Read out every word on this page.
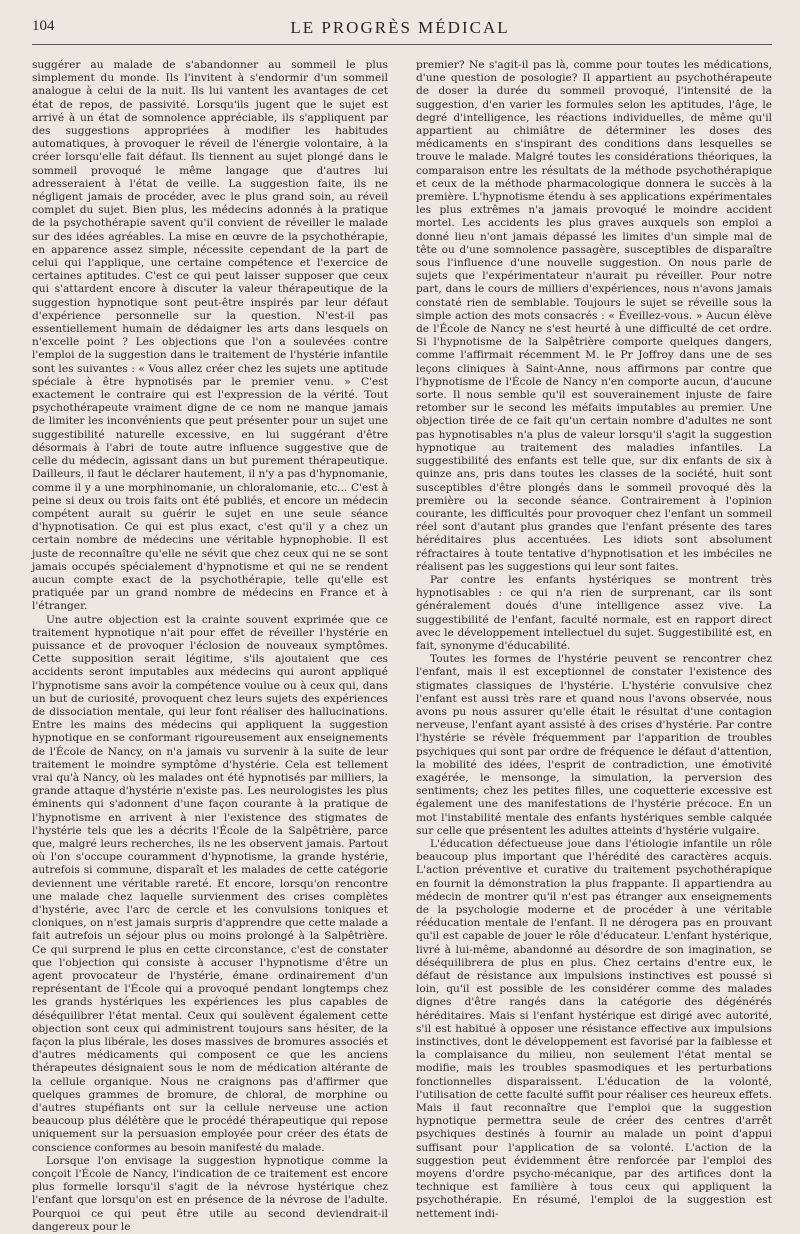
104	LE PROGRÈS MÉDICAL

suggérer au malade de s'abandonner au sommeil le plus simplement du monde. Ils l'invitent à s'endormir d'un sommeil analogue à celui de la nuit. Ils lui vantent les avantages de cet état de repos, de passivité. Lorsqu'ils jugent que le sujet est arrivé à un état de somnolence appréciable, ils s'appliquent par des suggestions appropriées à modifier les habitudes automatiques, à provoquer le réveil de l'énergie volontaire, à la créer lorsqu'elle fait défaut. Ils tiennent au sujet plongé dans le sommeil provoqué le même langage que d'autres lui adresseraient à l'état de veille. La suggestion faite, ils ne négligent jamais de procéder, avec le plus grand soin, au réveil complet du sujet. Bien plus, les médecins adonnés à la pratique de la psychothérapie savent qu'il convient de réveiller le malade sur des idées agréables. La mise en œuvre de la psychothérapie, en apparence assez simple, nécessite cependant de la part de celui qui l'applique, une certaine compétence et l'exercice de certaines aptitudes. C'est ce qui peut laisser supposer que ceux qui s'attardent encore à discuter la valeur thérapeutique de la suggestion hypnotique sont peut-être inspirés par leur défaut d'expérience personnelle sur la question. N'est-il pas essentiellement humain de dédaigner les arts dans lesquels on n'excelle point ? Les objections que l'on a soulevées contre l'emploi de la suggestion dans le traitement de l'hystérie infantile sont les suivantes : « Vous allez créer chez les sujets une aptitude spéciale à être hypnotisés par le premier venu. » C'est exactement le contraire qui est l'expression de la vérité. Tout psychothérapeute vraiment digne de ce nom ne manque jamais de limiter les inconvénients que peut présenter pour un sujet une suggestibilité naturelle excessive, en lui suggérant d'être désormais à l'abri de toute autre influence suggestive que de celle du médecin, agissant dans un but purement thérapeutique. Dailleurs, il faut le déclarer hautement, il n'y a pas d'hypnomanie, comme il y a une morphinomanie, un chloralomanie, etc... C'est à peine si deux ou trois faits ont été publiés, et encore un médecin compétent aurait su guérir le sujet en une seule séance d'hypnotisation. Ce qui est plus exact, c'est qu'il y a chez un certain nombre de médecins une véritable hypnophobie. Il est juste de reconnaître qu'elle ne sévit que chez ceux qui ne se sont jamais occupés spécialement d'hypnotisme et qui ne se rendent aucun compte exact de la psychothérapie, telle qu'elle est pratiquée par un grand nombre de médecins en France et à l'étranger.

Une autre objection est la crainte souvent exprimée que ce traitement hypnotique n'ait pour effet de réveiller l'hystérie en puissance et de provoquer l'éclosion de nouveaux symptômes. Cette supposition serait légitime, s'ils ajoutaient que ces accidents seront imputables aux médecins qui auront appliqué l'hypnotisme sans avoir la compétence voulue ou à ceux qui, dans un but de curiosité, provoquent chez leurs sujets des expériences de dissociation mentale, qui leur font réaliser des hallucinations. Entre les mains des médecins qui appliquent la suggestion hypnotique en se conformant rigoureusement aux enseignements de l'École de Nancy, on n'a jamais vu survenir à la suite de leur traitement le moindre symptôme d'hystérie. Cela est tellement vrai qu'à Nancy, où les malades ont été hypnotisés par milliers, la grande attaque d'hystérie n'existe pas. Les neurologistes les plus éminents qui s'adonnent d'une façon courante à la pratique de l'hypnotisme en arrivent à nier l'existence des stigmates de l'hystérie tels que les a décrits l'École de la Salpêtrière, parce que, malgré leurs recherches, ils ne les observent jamais. Partout où l'on s'occupe couramment d'hypnotisme, la grande hystérie, autrefois si commune, disparaît et les malades de cette catégorie deviennent une véritable rareté. Et encore, lorsqu'on rencontre une malade chez laquelle survienment des crises complètes d'hystérie, avec l'arc de cercle et les convulsions toniques et cloniques, on n'est jamais surpris d'apprendre que cette malade a fait autrefois un séjour plus ou moins prolongé à la Salpêtrière. Ce qui surprend le plus en cette circonstance, c'est de constater que l'objection qui consiste à accuser l'hypnotisme d'être un agent provocateur de l'hystérie, émane ordinairement d'un représentant de l'École qui a provoqué pendant longtemps chez les grands hystériques les expériences les plus capables de déséquilibrer l'état mental. Ceux qui soulèvent également cette objection sont ceux qui administrent toujours sans hésiter, de la façon la plus libérale, les doses massives de bromures associés et d'autres médicaments qui composent ce que les anciens thérapeutes désignaient sous le nom de médication altérante de la cellule organique. Nous ne craignons pas d'affirmer que quelques grammes de bromure, de chloral, de morphine ou d'autres stupéfiants ont sur la cellule nerveuse une action beaucoup plus délétère que le procédé thérapeutique qui repose uniquement sur la persuasion employée pour créer des états de conscience conformes au besoin manifesté du malade.

Lorsque l'on envisage la suggestion hypnotique comme la conçoit l'École de Nancy, l'indication de ce traitement est encore plus formelle lorsqu'il s'agit de la névrose hystérique chez l'enfant que lorsqu'on est en présence de la névrose de l'adulte. Pourquoi ce qui peut être utile au second deviendrait-il dangereux pour le

premier? Ne s'agit-il pas là, comme pour toutes les médications, d'une question de posologie? Il appartient au psychothérapeute de doser la durée du sommeil provoqué, l'intensité de la suggestion, d'en varier les formules selon les aptitudes, l'âge, le degré d'intelligence, les réactions individuelles, de même qu'il appartient au chimiâtre de déterminer les doses des médicaments en s'inspirant des conditions dans lesquelles se trouve le malade. Malgré toutes les considérations théoriques, la comparaison entre les résultats de la méthode psychothérapique et ceux de la méthode pharmacologique donnera le succès à la première. L'hypnotisme étendu à ses applications expérimentales les plus extrêmes n'a jamais provoqué le moindre accident mortel. Les accidents les plus graves auxquels son emploi a donné lieu n'ont jamais dépassé les limites d'un simple mal de tête ou d'une somnolence passagère, susceptibles de disparaître sous l'influence d'une nouvelle suggestion. On nous parle de sujets que l'expérimentateur n'aurait pu réveiller. Pour notre part, dans le cours de milliers d'expériences, nous n'avons jamais constaté rien de semblable. Toujours le sujet se réveille sous la simple action des mots consacrés : « Éveillez-vous. » Aucun élève de l'École de Nancy ne s'est heurté à une difficulté de cet ordre. Si l'hypnotisme de la Salpêtrière comporte quelques dangers, comme l'affirmait récemment M. le Pr Joffroy dans une de ses leçons cliniques à Saint-Anne, nous affirmons par contre que l'hypnotisme de l'École de Nancy n'en comporte aucun, d'aucune sorte. Il nous semble qu'il est souverainement injuste de faire retomber sur le second les méfaits imputables au premier. Une objection tirée de ce fait qu'un certain nombre d'adultes ne sont pas hypnotisables n'a plus de valeur lorsqu'il s'agit la suggestion hypnotique au traitement des maladies infantiles. La suggestibilité des enfants est telle que, sur dix enfants de six à quinze ans, pris dans toutes les classes de la société, huit sont susceptibles d'être plongés dans le sommeil provoqué dès la première ou la seconde séance. Contrairement à l'opinion courante, les difficultés pour provoquer chez l'enfant un sommeil réel sont d'autant plus grandes que l'enfant présente des tares héréditaires plus accentuées. Les idiots sont absolument réfractaires à toute tentative d'hypnotisation et les imbéciles ne réalisent pas les suggestions qui leur sont faites.

Par contre les enfants hystériques se montrent très hypnotisables : ce qui n'a rien de surprenant, car ils sont généralement doués d'une intelligence assez vive. La suggestibilité de l'enfant, faculté normale, est en rapport direct avec le développement intellectuel du sujet. Suggestibilité est, en fait, synonyme d'éducabilité.

Toutes les formes de l'hystérie peuvent se rencontrer chez l'enfant, mais il est exceptionnel de constater l'existence des stigmates classiques de l'hystérie. L'hystérie convulsive chez l'enfant est aussi très rare et quand nous l'avons observée, nous avons pu nous assurer qu'elle était le résultat d'une contagion nerveuse, l'enfant ayant assisté à des crises d'hystérie. Par contre l'hystérie se révèle fréquemment par l'apparition de troubles psychiques qui sont par ordre de fréquence le défaut d'attention, la mobilité des idées, l'esprit de contradiction, une émotivité exagérée, le mensonge, la simulation, la perversion des sentiments; chez les petites filles, une coquetterie excessive est également une des manifestations de l'hystérie précoce. En un mot l'instabilité mentale des enfants hystériques semble calquée sur celle que présentent les adultes atteints d'hystérie vulgaire.

L'éducation défectueuse joue dans l'étiologie infantile un rôle beaucoup plus important que l'hérédité des caractères acquis. L'action préventive et curative du traitement psychothérapique en fournit la démonstration la plus frappante. Il appartiendra au médecin de montrer qu'il n'est pas étranger aux enseignements de la psychologie moderne et de procéder à une véritable rééducation mentale de l'enfant. Il ne dérogera pas en prouvant qu'il est capable de jouer le rôle d'éducateur. L'enfant hystérique, livré à lui-même, abandonné au désordre de son imagination, se déséquilibrera de plus en plus. Chez certains d'entre eux, le défaut de résistance aux impulsions instinctives est poussé si loin, qu'il est possible de les considérer comme des malades dignes d'être rangés dans la catégorie des dégénérés héréditaires. Mais si l'enfant hystérique est dirigé avec autorité, s'il est habitué à opposer une résistance effective aux impulsions instinctives, dont le développement est favorisé par la faiblesse et la complaisance du milieu, non seulement l'état mental se modifie, mais les troubles spasmodiques et les perturbations fonctionnelles disparaissent. L'éducation de la volonté, l'utilisation de cette faculté suffit pour réaliser ces heureux effets. Mais il faut reconnaître que l'emploi que la suggestion hypnotique permettra seule de créer des centres d'arrêt psychiques destinés à fournir au malade un point d'appui suffisant pour l'application de sa volonté. L'action de la suggestion peut évidemment être renforcée par l'emploi des moyens d'ordre psycho-mécanique, par des artifices dont la technique est familière à tous ceux qui appliquent la psychothérapie. En résumé, l'emploi de la suggestion est nettement indi-
